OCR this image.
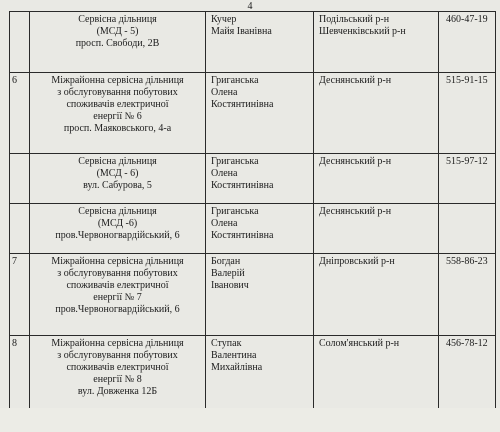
4

	Сервісна дільниця
(МСД - 5)
просп. Свободи, 2В	Кучер
Майя Іванівна	Подільський р-н
Шевченківський р-н	460-47-19
6	Міжрайонна сервісна дільниця
з обслуговування побутових
споживачів електричної
енергії № 6
просп. Маяковського, 4-а	Григанська
Олена
Костянтинівна	Деснянський р-н	515-91-15

	Сервісна дільниця
(МСД - 6)
вул. Сабурова, 5	Григанська
Олена
Костянтинівна	Деснянський р-н	515-97-12

	Сервісна дільниця
(МСД -6)
пров.Червоногвардійський, 6	Григанська
Олена
Костянтинівна	Деснянський р-н	

7	Міжрайонна сервісна дільниця
з обслуговування побутових
споживачів електричної
енергії № 7
пров.Червоногвардійський, 6	Богдан
Валерій
Іванович	Дніпровський р-н	558-86-23
8	Міжрайонна сервісна дільниця
з обслуговування побутових
споживачів електричної
енергії № 8
вул. Довженка 12Б	Ступак
Валентина
Михайлівна	Солом'янський р-н	456-78-12
